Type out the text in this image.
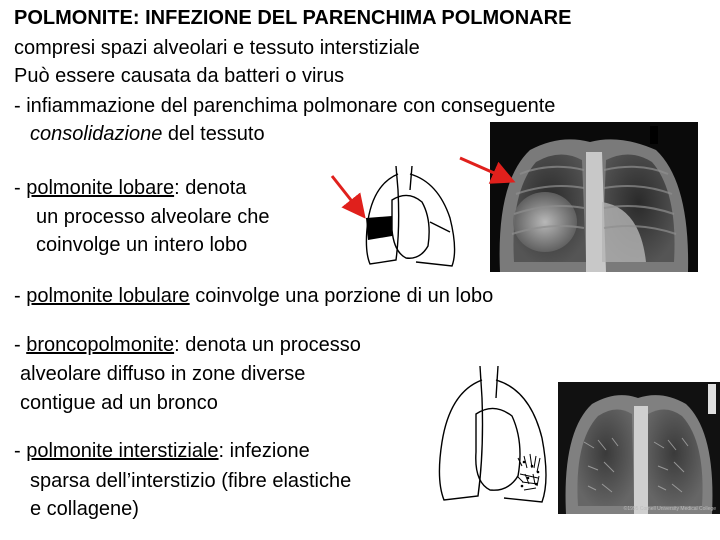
POLMONITE: INFEZIONE DEL PARENCHIMA POLMONARE
compresi spazi alveolari e tessuto interstiziale
Può essere causata da batteri o virus
- infiammazione del parenchima polmonare con conseguente
consolidazione del tessuto
- polmonite lobare: denota
un processo alveolare che
coinvolge un intero lobo
- polmonite lobulare coinvolge una porzione di un lobo
- broncopolmonite: denota un processo
alveolare diffuso in zone diverse
contigue ad un bronco
- polmonite interstiziale: infezione
sparsa dell’interstizio (fibre elastiche
e collagene)	©1995 Cornell University Medical College
